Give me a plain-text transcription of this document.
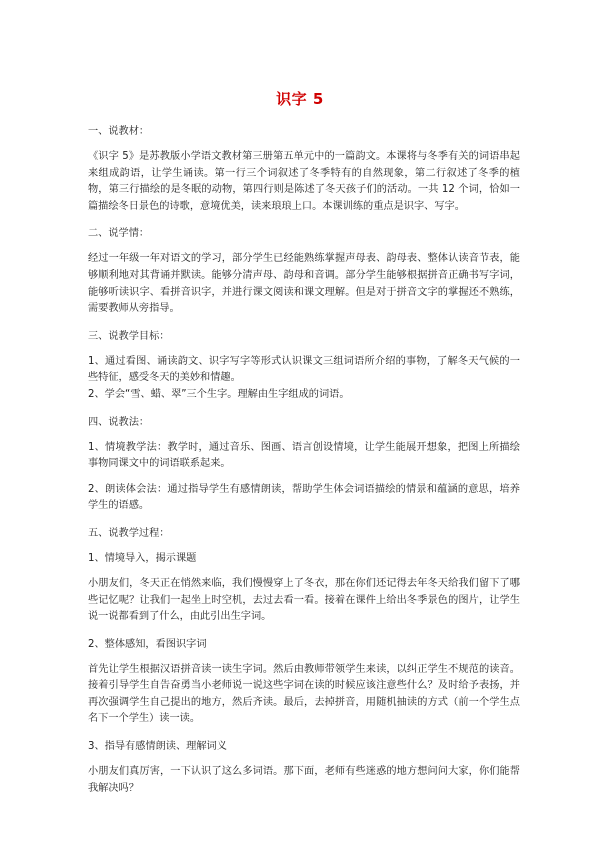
识字 5
一、说教材：
《识字 5》是苏教版小学语文教材第三册第五单元中的一篇韵文。本课将与冬季有关的词语串起来组成韵语，让学生诵读。第一行三个词叙述了冬季特有的自然现象，第二行叙述了冬季的植物，第三行描绘的是冬眠的动物，第四行则是陈述了冬天孩子们的活动。一共 12 个词，恰如一篇描绘冬日景色的诗歌，意境优美，读来琅琅上口。本课训练的重点是识字、写字。
二、说学情：
经过一年级一年对语文的学习，部分学生已经能熟练掌握声母表、韵母表、整体认读音节表，能够顺利地对其背诵并默读。能够分清声母、韵母和音调。部分学生能够根据拼音正确书写字词，能够听读识字、看拼音识字，并进行课文阅读和课文理解。但是对于拼音文字的掌握还不熟练，需要教师从旁指导。
三、说教学目标：
1、通过看图、诵读韵文、识字写字等形式认识课文三组词语所介绍的事物，了解冬天气候的一些特征，感受冬天的美妙和情趣。
2、学会“雪、蜡、翠”三个生字。理解由生字组成的词语。
四、说教法：
1、情境教学法：教学时，通过音乐、图画、语言创设情境，让学生能展开想象，把图上所描绘事物同课文中的词语联系起来。
2、朗读体会法：通过指导学生有感情朗读，帮助学生体会词语描绘的情景和蕴涵的意思，培养学生的语感。
五、说教学过程：
1、情境导入，揭示课题
小朋友们，冬天正在悄然来临，我们慢慢穿上了冬衣，那在你们还记得去年冬天给我们留下了哪些记忆呢？让我们一起坐上时空机，去过去看一看。接着在课件上给出冬季景色的图片，让学生说一说都看到了什么，由此引出生字词。
2、整体感知，看图识字词
首先让学生根据汉语拼音读一读生字词。然后由教师带领学生来读，以纠正学生不规范的读音。接着引导学生自告奋勇当小老师说一说这些字词在读的时候应该注意些什么？及时给予表扬，并再次强调学生自己提出的地方，然后齐读。最后，去掉拼音，用随机抽读的方式（前一个学生点名下一个学生）读一读。
3、指导有感情朗读、理解词义
小朋友们真厉害，一下认识了这么多词语。那下面，老师有些迷惑的地方想问问大家，你们能帮我解决吗？
